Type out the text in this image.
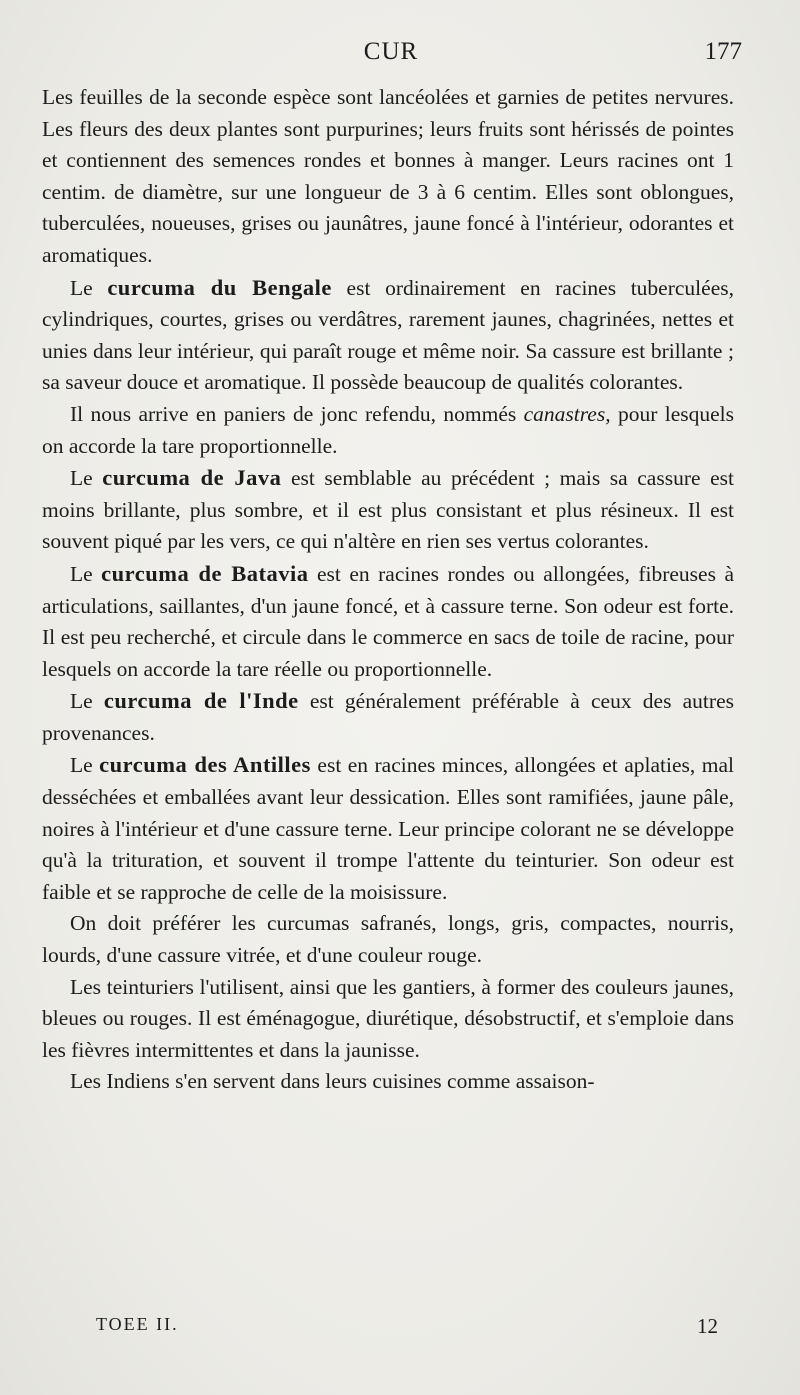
CUR	177

Les feuilles de la seconde espèce sont lancéolées et garnies de petites nervures. Les fleurs des deux plantes sont purpurines; leurs fruits sont hérissés de pointes et contiennent des semences rondes et bonnes à manger. Leurs racines ont 1 centim. de diamètre, sur une longueur de 3 à 6 centim. Elles sont oblongues, tuberculées, noueuses, grises ou jaunâtres, jaune foncé à l'intérieur, odorantes et aromatiques.

Le curcuma du Bengale est ordinairement en racines tuberculées, cylindriques, courtes, grises ou verdâtres, rarement jaunes, chagrinées, nettes et unies dans leur intérieur, qui paraît rouge et même noir. Sa cassure est brillante ; sa saveur douce et aromatique. Il possède beaucoup de qualités colorantes.

Il nous arrive en paniers de jonc refendu, nommés canastres, pour lesquels on accorde la tare proportionnelle.

Le curcuma de Java est semblable au précédent ; mais sa cassure est moins brillante, plus sombre, et il est plus consistant et plus résineux. Il est souvent piqué par les vers, ce qui n'altère en rien ses vertus colorantes.

Le curcuma de Batavia est en racines rondes ou allongées, fibreuses à articulations, saillantes, d'un jaune foncé, et à cassure terne. Son odeur est forte. Il est peu recherché, et circule dans le commerce en sacs de toile de racine, pour lesquels on accorde la tare réelle ou proportionnelle.

Le curcuma de l'Inde est généralement préférable à ceux des autres provenances.

Le curcuma des Antilles est en racines minces, allongées et aplaties, mal desséchées et emballées avant leur dessication. Elles sont ramifiées, jaune pâle, noires à l'intérieur et d'une cassure terne. Leur principe colorant ne se développe qu'à la trituration, et souvent il trompe l'attente du teinturier. Son odeur est faible et se rapproche de celle de la moisissure.

On doit préférer les curcumas safranés, longs, gris, compactes, nourris, lourds, d'une cassure vitrée, et d'une couleur rouge.

Les teinturiers l'utilisent, ainsi que les gantiers, à former des couleurs jaunes, bleues ou rouges. Il est éménagogue, diurétique, désobstructif, et s'emploie dans les fièvres intermittentes et dans la jaunisse.

Les Indiens s'en servent dans leurs cuisines comme assaison-

TOEE II.	12
